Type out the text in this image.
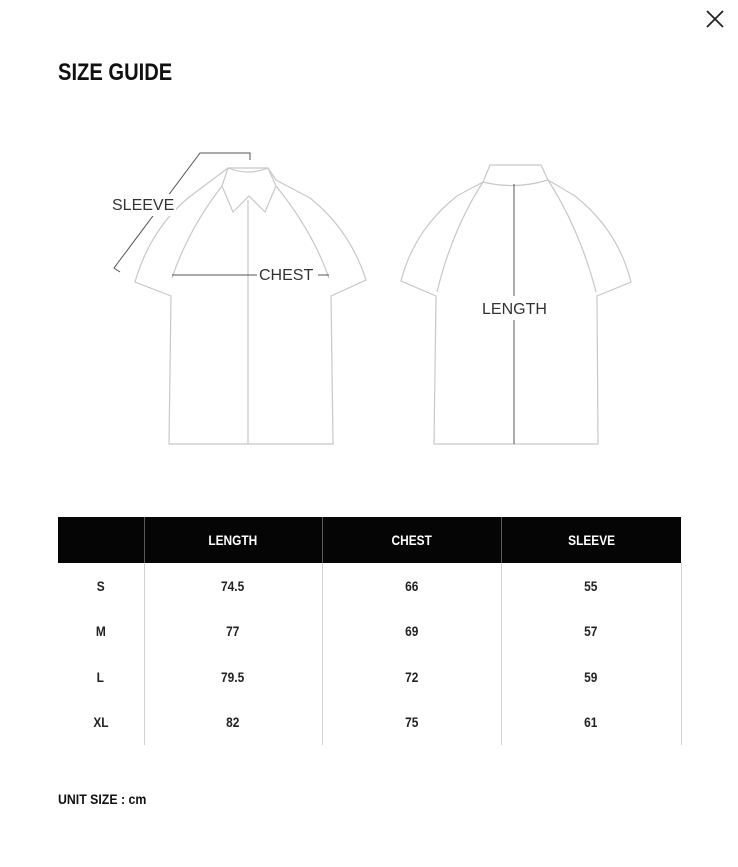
SIZE GUIDE
SLEEVE
CHEST
LENGTH
	LENGTH	CHEST	SLEEVE
S	74.5	66	55
M	77	69	57
L	79.5	72	59
XL	82	75	61

UNIT SIZE : cm
